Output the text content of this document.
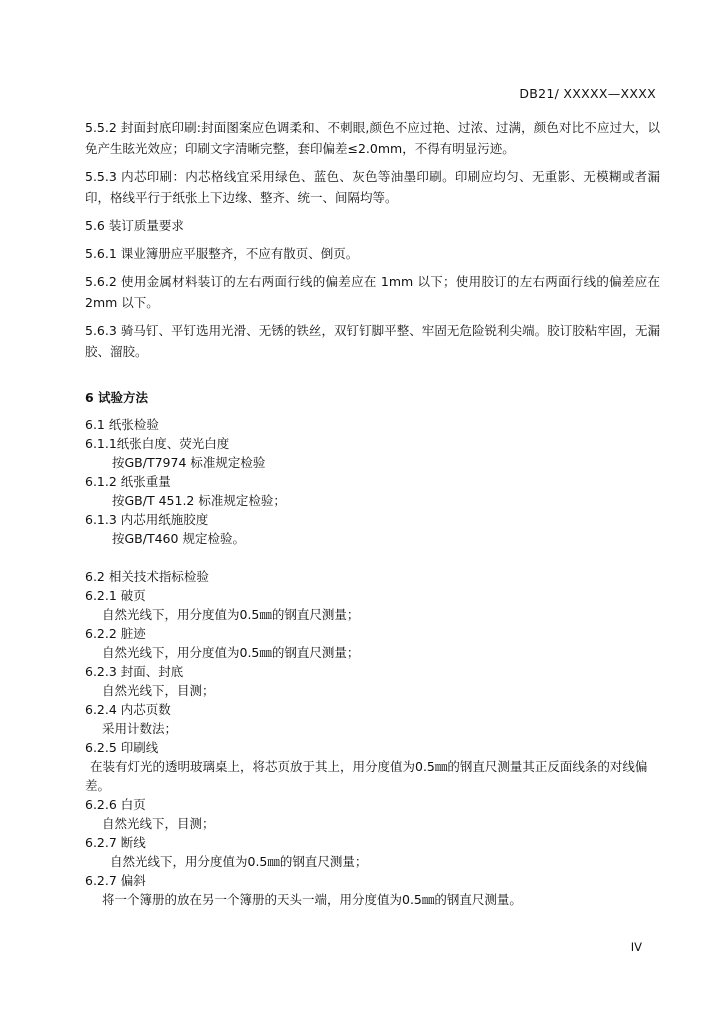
DB21/ XXXXX—XXXX

5.5.2 封面封底印刷:封面图案应色调柔和、不刺眼,颜色不应过艳、过浓、过满，颜色对比不应过大，以免产生眩光效应；印刷文字清晰完整，套印偏差≤2.0mm，不得有明显污迹。

5.5.3 内芯印刷：内芯格线宜采用绿色、蓝色、灰色等油墨印刷。印刷应均匀、无重影、无模糊或者漏印，格线平行于纸张上下边缘、整齐、统一、间隔均等。

5.6 装订质量要求

5.6.1 课业簿册应平服整齐，不应有散页、倒页。

5.6.2 使用金属材料装订的左右两面行线的偏差应在 1mm 以下；使用胶订的左右两面行线的偏差应在 2mm 以下。

5.6.3 骑马钉、平钉选用光滑、无锈的铁丝，双钉钉脚平整、牢固无危险锐利尖端。胶订胶粘牢固，无漏胶、溜胶。

6 试验方法
6.1 纸张检验
6.1.1纸张白度、荧光白度
按GB/T7974 标准规定检验
6.1.2 纸张重量
按GB/T 451.2 标准规定检验；
6.1.3 内芯用纸施胶度
按GB/T460 规定检验。
6.2 相关技术指标检验
6.2.1 破页
自然光线下，用分度值为0.5㎜的钢直尺测量；
6.2.2 脏迹
自然光线下，用分度值为0.5㎜的钢直尺测量；
6.2.3 封面、封底
自然光线下，目测；
6.2.4 内芯页数
采用计数法；
6.2.5 印刷线
在装有灯光的透明玻璃桌上，将芯页放于其上，用分度值为0.5㎜的钢直尺测量其正反面线条的对线偏差。
6.2.6 白页
自然光线下，目测；
6.2.7 断线
自然光线下，用分度值为0.5㎜的钢直尺测量；
6.2.7 偏斜
将一个簿册的放在另一个簿册的天头一端，用分度值为0.5㎜的钢直尺测量。
IV
